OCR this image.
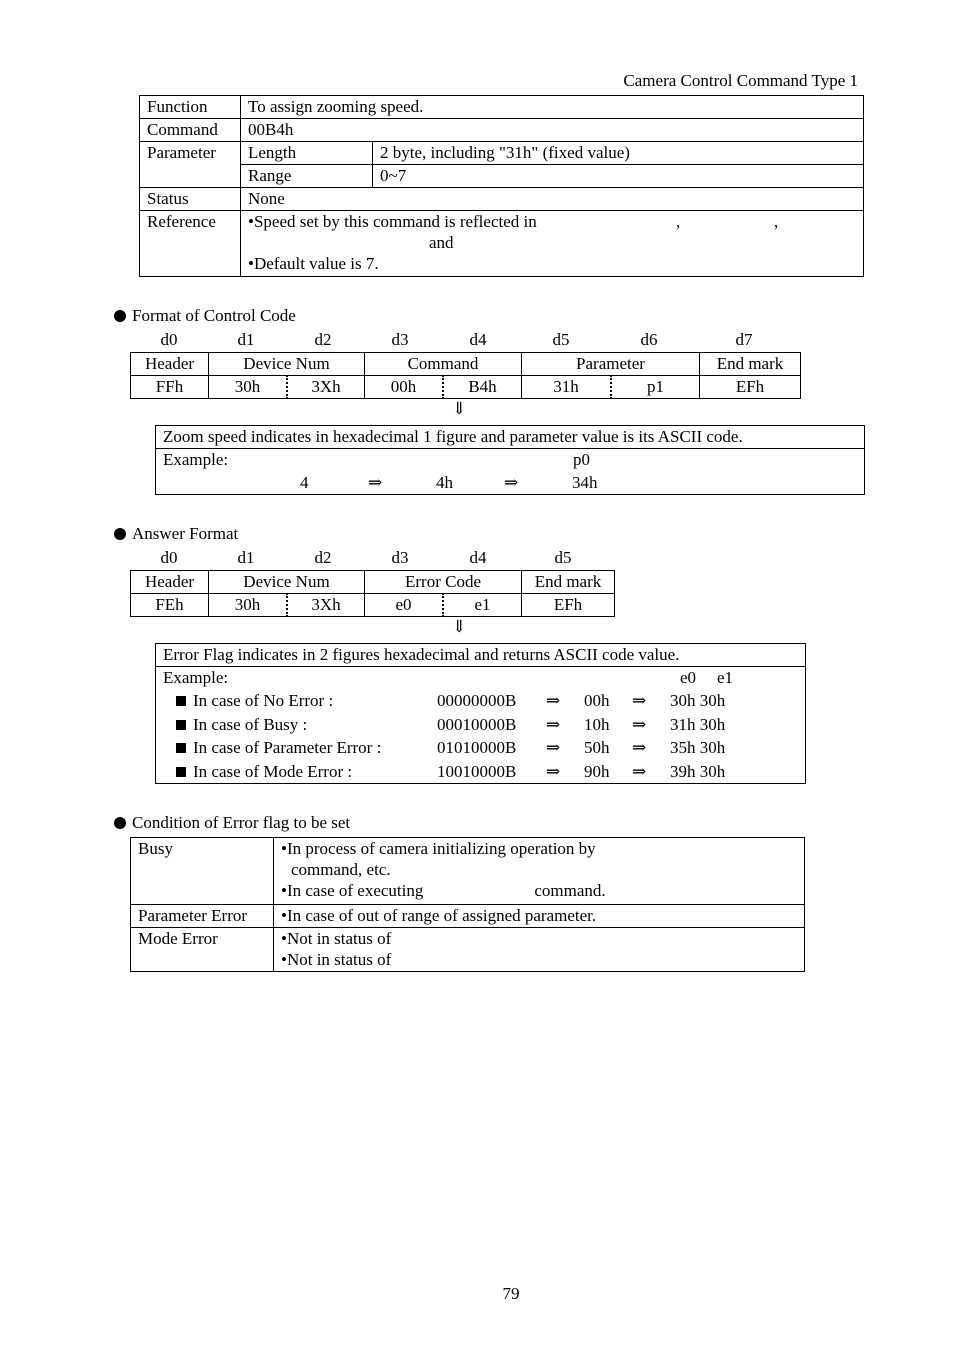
Camera Control Command Type 1
Function	To assign zooming speed.	
Command	00B4h	
Parameter	Length	2 byte, including "31h" (fixed value)
	Range	0~7
Status	None	
Reference	•Speed set by this command is reflected in , ,
and
•Default value is 7.	
Format of Control Code
d0	d1	d2	d3	d4	d5	d6	d7
Header	Device Num		Command		Parameter		End mark
FFh	30h	3Xh	00h	B4h	31h	p1	EFh
⇓
Zoom speed indicates in hexadecimal 1 figure and parameter value is its ASCII code.
Example:	p0
4	⇒	4h	⇒	34h
Answer Format
d0	d1	d2	d3	d4	d5
Header	Device Num		Error Code		End mark
FEh	30h	3Xh	e0	e1	EFh
⇓
Error Flag indicates in 2 figures hexadecimal and returns ASCII code value.
Example:	e0 e1
In case of No Error :	00000000B ⇒ 00h ⇒ 30h 30h
In case of Busy :	00010000B ⇒ 10h ⇒ 31h 30h
In case of Parameter Error :	01010000B ⇒ 50h ⇒ 35h 30h
In case of Mode Error :	10010000B ⇒ 90h ⇒ 39h 30h
Condition of Error flag to be set
Busy	•In process of camera initializing operation by
command, etc.
•In case of executing command.

Parameter Error	•In case of out of range of assigned parameter.
Mode Error	•Not in status of
•Not in status of
79
